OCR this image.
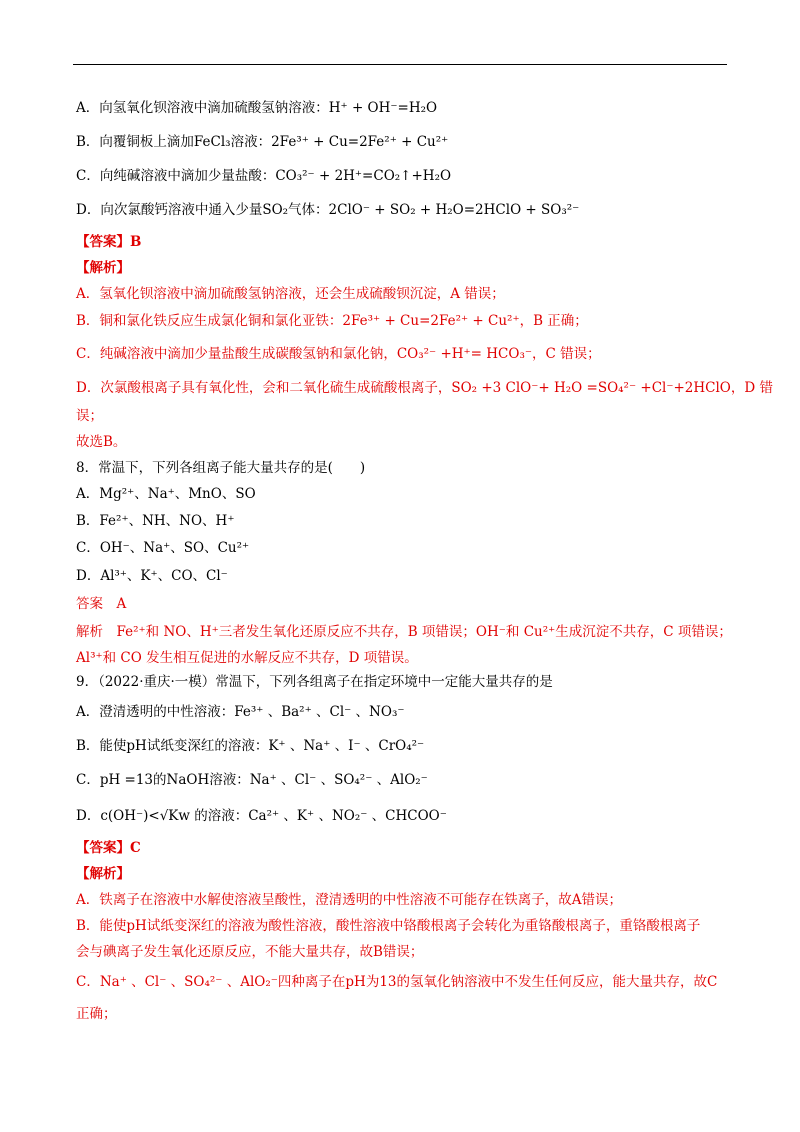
A．向氢氧化钡溶液中滴加硫酸氢钠溶液：H⁺ + OH⁻=H₂O
B．向覆铜板上滴加FeCl₃溶液：2Fe³⁺ + Cu=2Fe²⁺ + Cu²⁺
C．向纯碱溶液中滴加少量盐酸：CO₃²⁻ + 2H⁺=CO₂↑+H₂O
D．向次氯酸钙溶液中通入少量SO₂气体：2ClO⁻ + SO₂ + H₂O=2HClO + SO₃²⁻
【答案】B
【解析】
A．氢氧化钡溶液中滴加硫酸氢钠溶液，还会生成硫酸钡沉淀，A 错误；
B．铜和氯化铁反应生成氯化铜和氯化亚铁：2Fe³⁺ + Cu=2Fe²⁺ + Cu²⁺，B 正确；
C．纯碱溶液中滴加少量盐酸生成碳酸氢钠和氯化钠，CO₃²⁻ +H⁺= HCO₃⁻，C 错误；
D．次氯酸根离子具有氧化性，会和二氧化硫生成硫酸根离子，SO₂ +3 ClO⁻+ H₂O =SO₄²⁻ +Cl⁻+2HClO，D 错
误；
故选B。
8．常温下，下列各组离子能大量共存的是(　　)
A．Mg²⁺、Na⁺、MnO、SO
B．Fe²⁺、NH、NO、H⁺
C．OH⁻、Na⁺、SO、Cu²⁺
D．Al³⁺、K⁺、CO、Cl⁻
答案　A
解析　Fe²⁺和 NO、H⁺三者发生氧化还原反应不共存，B 项错误；OH⁻和 Cu²⁺生成沉淀不共存，C 项错误；
Al³⁺和 CO 发生相互促进的水解反应不共存，D 项错误。
9．（2022·重庆·一模）常温下，下列各组离子在指定环境中一定能大量共存的是
A．澄清透明的中性溶液：Fe³⁺ 、Ba²⁺ 、Cl⁻ 、NO₃⁻
B．能使pH试纸变深红的溶液：K⁺ 、Na⁺ 、I⁻ 、CrO₄²⁻
C．pH =13的NaOH溶液：Na⁺ 、Cl⁻ 、SO₄²⁻ 、AlO₂⁻
D．c(OH⁻)<√Kw 的溶液：Ca²⁺ 、K⁺ 、NO₂⁻ 、CHCOO⁻
【答案】C
【解析】
A．铁离子在溶液中水解使溶液呈酸性，澄清透明的中性溶液不可能存在铁离子，故A错误；
B．能使pH试纸变深红的溶液为酸性溶液，酸性溶液中铬酸根离子会转化为重铬酸根离子，重铬酸根离子
会与碘离子发生氧化还原反应，不能大量共存，故B错误；
C．Na⁺ 、Cl⁻ 、SO₄²⁻ 、AlO₂⁻四种离子在pH为13的氢氧化钠溶液中不发生任何反应，能大量共存，故C
正确；
